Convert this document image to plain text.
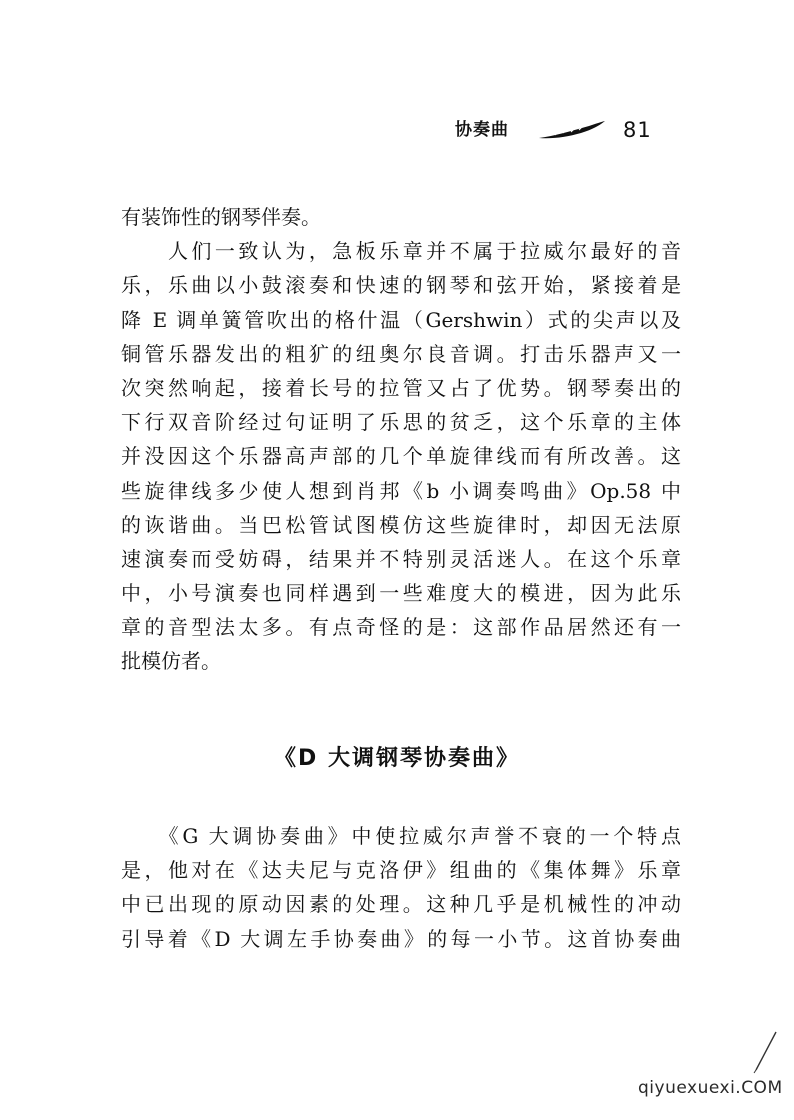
协奏曲	81
有装饰性的钢琴伴奏。
　　人们一致认为，急板乐章并不属于拉威尔最好的音
乐，乐曲以小鼓滚奏和快速的钢琴和弦开始，紧接着是
降 E 调单簧管吹出的格什温（Gershwin）式的尖声以及
铜管乐器发出的粗犷的纽奥尔良音调。打击乐器声又一
次突然响起，接着长号的拉管又占了优势。钢琴奏出的
下行双音阶经过句证明了乐思的贫乏，这个乐章的主体
并没因这个乐器高声部的几个单旋律线而有所改善。这
些旋律线多少使人想到肖邦《b 小调奏鸣曲》Op.58 中
的诙谐曲。当巴松管试图模仿这些旋律时，却因无法原
速演奏而受妨碍，结果并不特别灵活迷人。在这个乐章
中，小号演奏也同样遇到一些难度大的模进，因为此乐
章的音型法太多。有点奇怪的是：这部作品居然还有一
批模仿者。
《D 大调钢琴协奏曲》
　　《G 大调协奏曲》中使拉威尔声誉不衰的一个特点
是，他对在《达夫尼与克洛伊》组曲的《集体舞》乐章
中已出现的原动因素的处理。这种几乎是机械性的冲动
引导着《D 大调左手协奏曲》的每一小节。这首协奏曲
qiyuexuexi.COM
